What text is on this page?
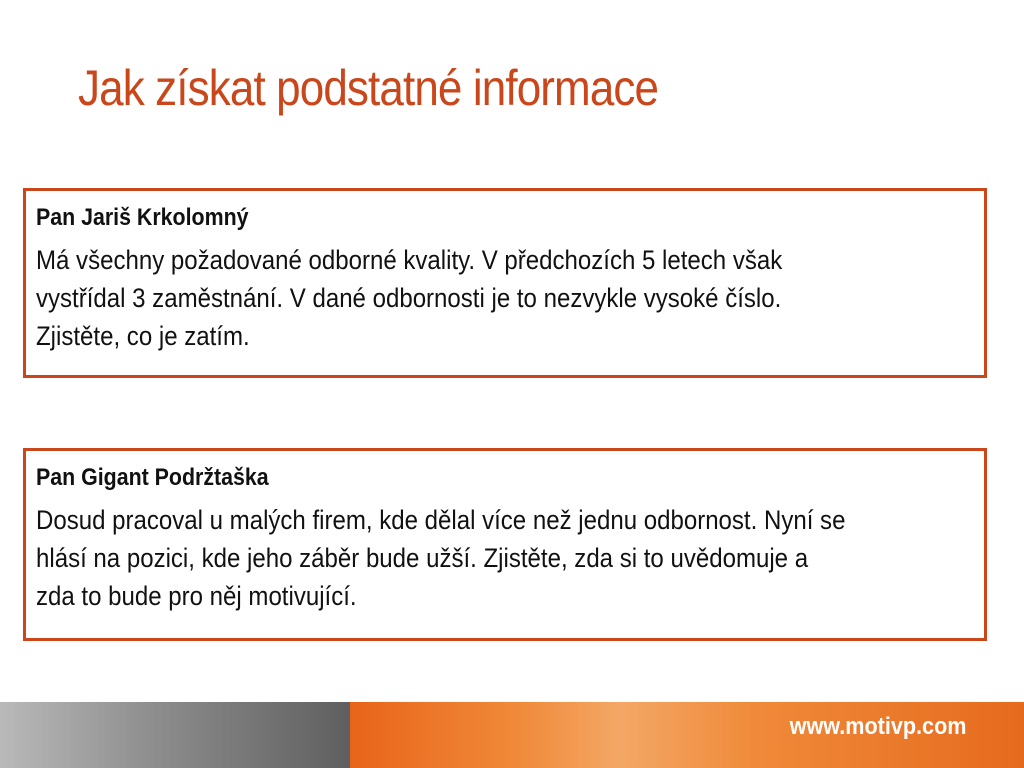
Jak získat podstatné informace

Pan Jariš Krkolomný

Má všechny požadované odborné kvality. V předchozích 5 letech však
vystřídal 3 zaměstnání. V dané odbornosti je to nezvykle vysoké číslo.
Zjistěte, co je zatím.

Pan Gigant Podržtaška

Dosud pracoval u malých firem, kde dělal více než jednu odbornost. Nyní se
hlásí na pozici, kde jeho záběr bude užší. Zjistěte, zda si to uvědomuje a
zda to bude pro něj motivující.

www.motivp.com
